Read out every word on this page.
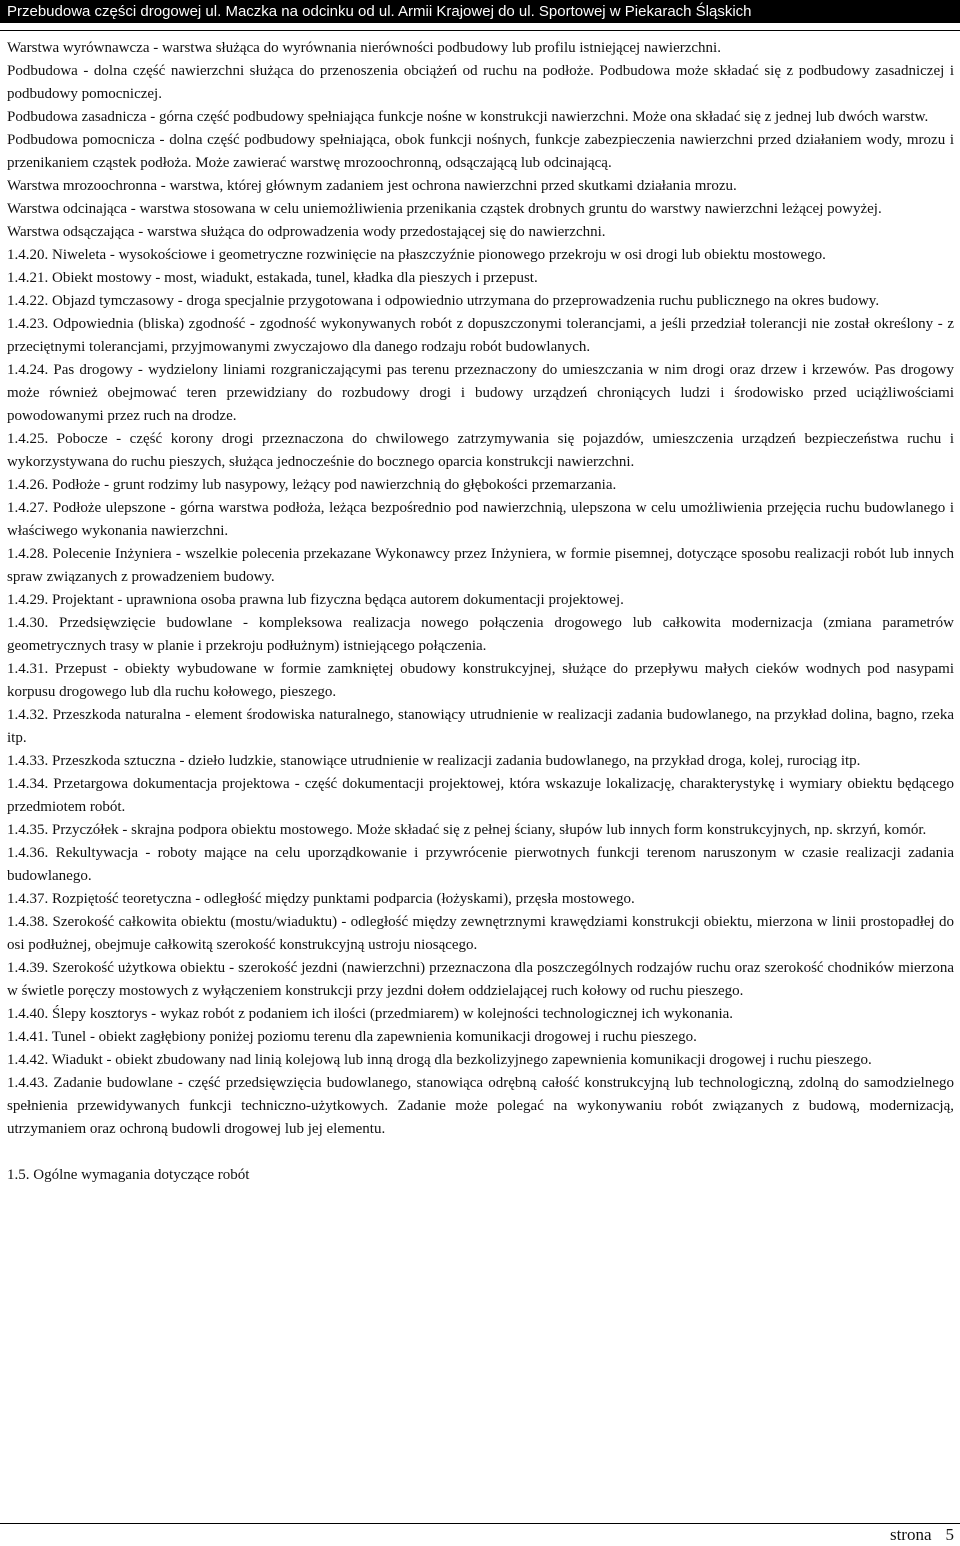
Przebudowa części drogowej ul. Maczka na odcinku od ul. Armii Krajowej do ul. Sportowej w Piekarach Śląskich

Warstwa wyrównawcza - warstwa służąca do wyrównania nierówności podbudowy lub profilu istniejącej nawierzchni.

Podbudowa - dolna część nawierzchni służąca do przenoszenia obciążeń od ruchu na podłoże. Podbudowa może składać się z podbudowy zasadniczej i podbudowy pomocniczej.

Podbudowa zasadnicza - górna część podbudowy spełniająca funkcje nośne w konstrukcji nawierzchni. Może ona składać się z jednej lub dwóch warstw.

Podbudowa pomocnicza - dolna część podbudowy spełniająca, obok funkcji nośnych, funkcje zabezpieczenia nawierzchni przed działaniem wody, mrozu i przenikaniem cząstek podłoża. Może zawierać warstwę mrozoochronną, odsączającą lub odcinającą.

Warstwa mrozoochronna - warstwa, której głównym zadaniem jest ochrona nawierzchni przed skutkami działania mrozu.

Warstwa odcinająca - warstwa stosowana w celu uniemożliwienia przenikania cząstek drobnych gruntu do warstwy nawierzchni leżącej powyżej.

Warstwa odsączająca - warstwa służąca do odprowadzenia wody przedostającej się do nawierzchni.

1.4.20. Niweleta - wysokościowe i geometryczne rozwinięcie na płaszczyźnie pionowego przekroju w osi drogi lub obiektu mostowego.

1.4.21. Obiekt mostowy - most, wiadukt, estakada, tunel, kładka dla pieszych i przepust.

1.4.22. Objazd tymczasowy - droga specjalnie przygotowana i odpowiednio utrzymana do przeprowadzenia ruchu publicznego na okres budowy.

1.4.23. Odpowiednia (bliska) zgodność - zgodność wykonywanych robót z dopuszczonymi tolerancjami, a jeśli przedział tolerancji nie został określony - z przeciętnymi tolerancjami, przyjmowanymi zwyczajowo dla danego rodzaju robót budowlanych.

1.4.24. Pas drogowy - wydzielony liniami rozgraniczającymi pas terenu przeznaczony do umieszczania w nim drogi oraz drzew i krzewów. Pas drogowy może również obejmować teren przewidziany do rozbudowy drogi i budowy urządzeń chroniących ludzi i środowisko przed uciążliwościami powodowanymi przez ruch na drodze.

1.4.25. Pobocze - część korony drogi przeznaczona do chwilowego zatrzymywania się pojazdów, umieszczenia urządzeń bezpieczeństwa ruchu i wykorzystywana do ruchu pieszych, służąca jednocześnie do bocznego oparcia konstrukcji nawierzchni.

1.4.26. Podłoże - grunt rodzimy lub nasypowy, leżący pod nawierzchnią do głębokości przemarzania.

1.4.27. Podłoże ulepszone - górna warstwa podłoża, leżąca bezpośrednio pod nawierzchnią, ulepszona w celu umożliwienia przejęcia ruchu budowlanego i właściwego wykonania nawierzchni.

1.4.28. Polecenie Inżyniera - wszelkie polecenia przekazane Wykonawcy przez Inżyniera, w formie pisemnej, dotyczące sposobu realizacji robót lub innych spraw związanych z prowadzeniem budowy.

1.4.29. Projektant - uprawniona osoba prawna lub fizyczna będąca autorem dokumentacji projektowej.

1.4.30. Przedsięwzięcie budowlane - kompleksowa realizacja nowego połączenia drogowego lub całkowita modernizacja (zmiana parametrów geometrycznych trasy w planie i przekroju podłużnym) istniejącego połączenia.

1.4.31. Przepust - obiekty wybudowane w formie zamkniętej obudowy konstrukcyjnej, służące do przepływu małych cieków wodnych pod nasypami korpusu drogowego lub dla ruchu kołowego, pieszego.

1.4.32. Przeszkoda naturalna - element środowiska naturalnego, stanowiący utrudnienie w realizacji zadania budowlanego, na przykład dolina, bagno, rzeka itp.

1.4.33. Przeszkoda sztuczna - dzieło ludzkie, stanowiące utrudnienie w realizacji zadania budowlanego, na przykład droga, kolej, rurociąg itp.

1.4.34. Przetargowa dokumentacja projektowa - część dokumentacji projektowej, która wskazuje lokalizację, charakterystykę i wymiary obiektu będącego przedmiotem robót.

1.4.35. Przyczółek - skrajna podpora obiektu mostowego. Może składać się z pełnej ściany, słupów lub innych form konstrukcyjnych, np. skrzyń, komór.

1.4.36. Rekultywacja - roboty mające na celu uporządkowanie i przywrócenie pierwotnych funkcji terenom naruszonym w czasie realizacji zadania budowlanego.

1.4.37. Rozpiętość teoretyczna - odległość między punktami podparcia (łożyskami), przęsła mostowego.

1.4.38. Szerokość całkowita obiektu (mostu/wiaduktu) - odległość między zewnętrznymi krawędziami konstrukcji obiektu, mierzona w linii prostopadłej do osi podłużnej, obejmuje całkowitą szerokość konstrukcyjną ustroju niosącego.

1.4.39. Szerokość użytkowa obiektu - szerokość jezdni (nawierzchni) przeznaczona dla poszczególnych rodzajów ruchu oraz szerokość chodników mierzona w świetle poręczy mostowych z wyłączeniem konstrukcji przy jezdni dołem oddzielającej ruch kołowy od ruchu pieszego.

1.4.40. Ślepy kosztorys - wykaz robót z podaniem ich ilości (przedmiarem) w kolejności technologicznej ich wykonania.

1.4.41. Tunel - obiekt zagłębiony poniżej poziomu terenu dla zapewnienia komunikacji drogowej i ruchu pieszego.

1.4.42. Wiadukt - obiekt zbudowany nad linią kolejową lub inną drogą dla bezkolizyjnego zapewnienia komunikacji drogowej i ruchu pieszego.

1.4.43. Zadanie budowlane - część przedsięwzięcia budowlanego, stanowiąca odrębną całość konstrukcyjną lub technologiczną, zdolną do samodzielnego spełnienia przewidywanych funkcji techniczno-użytkowych. Zadanie może polegać na wykonywaniu robót związanych z budową, modernizacją, utrzymaniem oraz ochroną budowli drogowej lub jej elementu.

1.5. Ogólne wymagania dotyczące robót

strona 5
